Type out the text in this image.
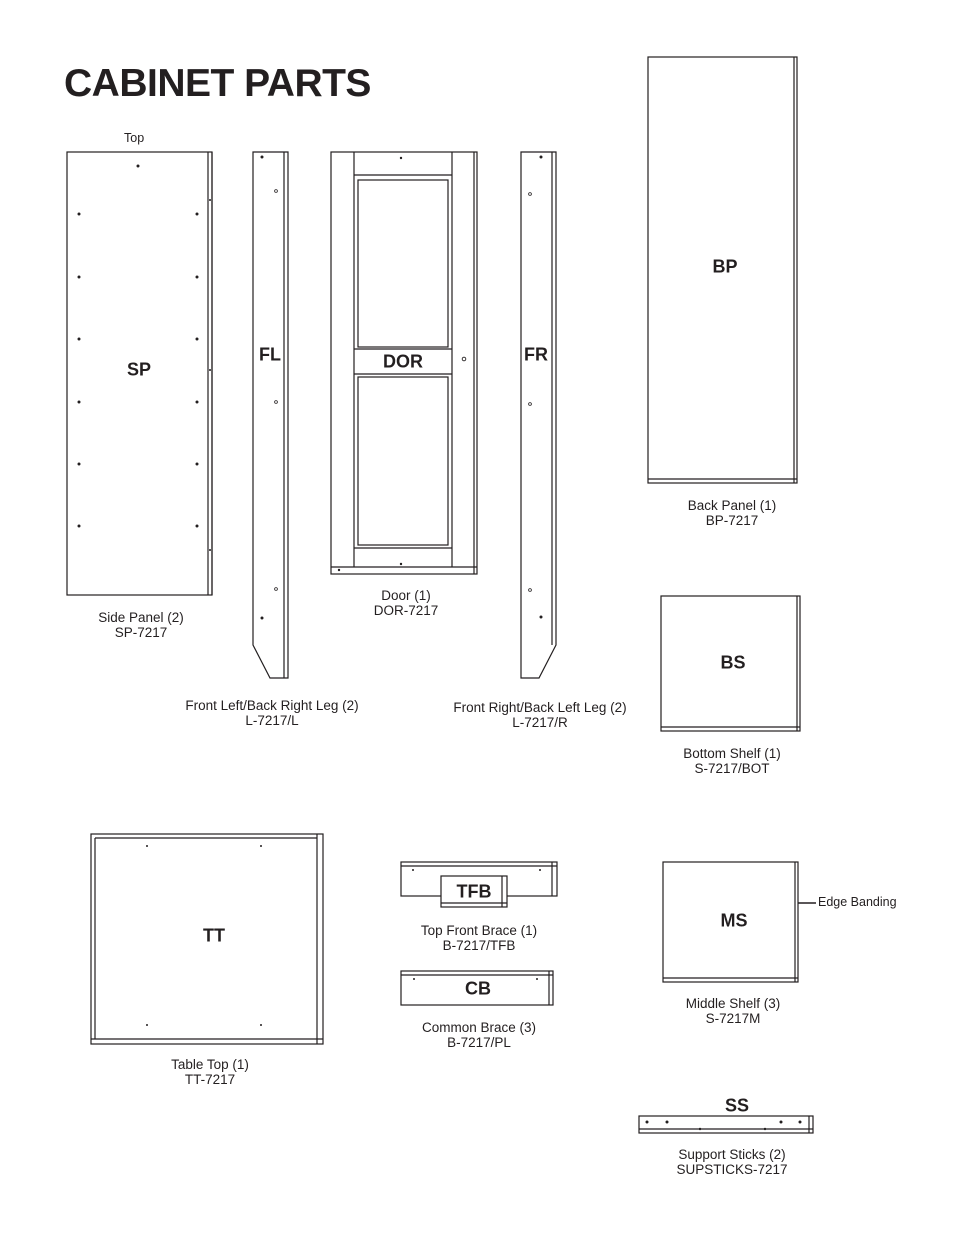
CABINET PARTS
Top
Edge Banding
SP
FL	DOR	FR
BP
BS
TT
TFB
CB
MS
SS
Side Panel (2)
SP-7217
Front Left/Back Right Leg (2)
L-7217/L
Door (1)
DOR-7217
Front Right/Back Left Leg (2)
L-7217/R
Back Panel (1)
BP-7217
Bottom Shelf (1)
S-7217/BOT
Table Top (1)
TT-7217
Top Front Brace (1)
B-7217/TFB
Common Brace (3)
B-7217/PL
Middle Shelf (3)
S-7217M
Support Sticks (2)
SUPSTICKS-7217
